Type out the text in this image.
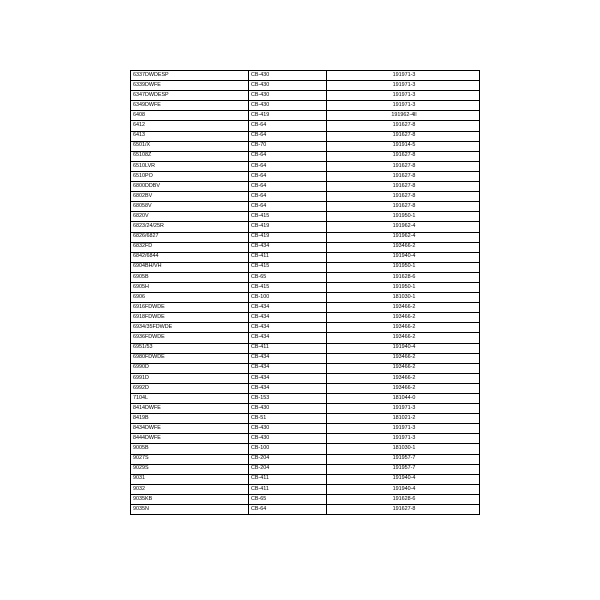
6337DWDESP	CB-430	191971-3
6339DWFE	CB-430	191971-3
6347DWDESP	CB-430	191971-3
6349DWFE	CB-430	191971-3
6408	CB-419	191962-4ll
6412	CB-64	191627-8
6413	CB-64	191627-8
6501/X	CB-70	191914-5
65108Z	CB-64	191627-8
6510LVR	CB-64	191627-8
6510PO	CB-64	191627-8
6800DDBV	CB-64	191627-8
6802BV	CB-64	191627-8
68058V	CB-64	191627-8
6820V	CB-415	191950-1
6823/24/25R	CB-419	191962-4
6826/6827	CB-419	191962-4
6832FD	CB-434	193466-2
6842/6844	CB-411	191940-4
6904BH/VH	CB-415	191950-1
6905B	CB-65	191628-6
6905H	CB-415	191950-1
6906	CB-100	181030-1
6916FDWDE	CB-434	193466-2
6918FDWDE	CB-434	193466-2
6934/35FDWDE	CB-434	193466-2
6936FDWDE	CB-434	193466-2
6951/53	CB-411	191940-4
6980FDWDE	CB-434	193466-2
6990D	CB-434	193466-2
6991D	CB-434	193466-2
6992D	CB-434	193466-2
7104L	CB-153	181044-0
8414DWFE	CB-430	191971-3
8419B	CB-51	181021-2
8434DWFE	CB-430	191971-3
8444DWFE	CB-430	191971-3
9005B	CB-100	181030-1
9027S	CB-204	191957-7
9029S	CB-204	191957-7
9031	CB-411	191940-4
9032	CB-411	191940-4
9035KB	CB-65	191628-6
9035N	CB-64	191627-8
